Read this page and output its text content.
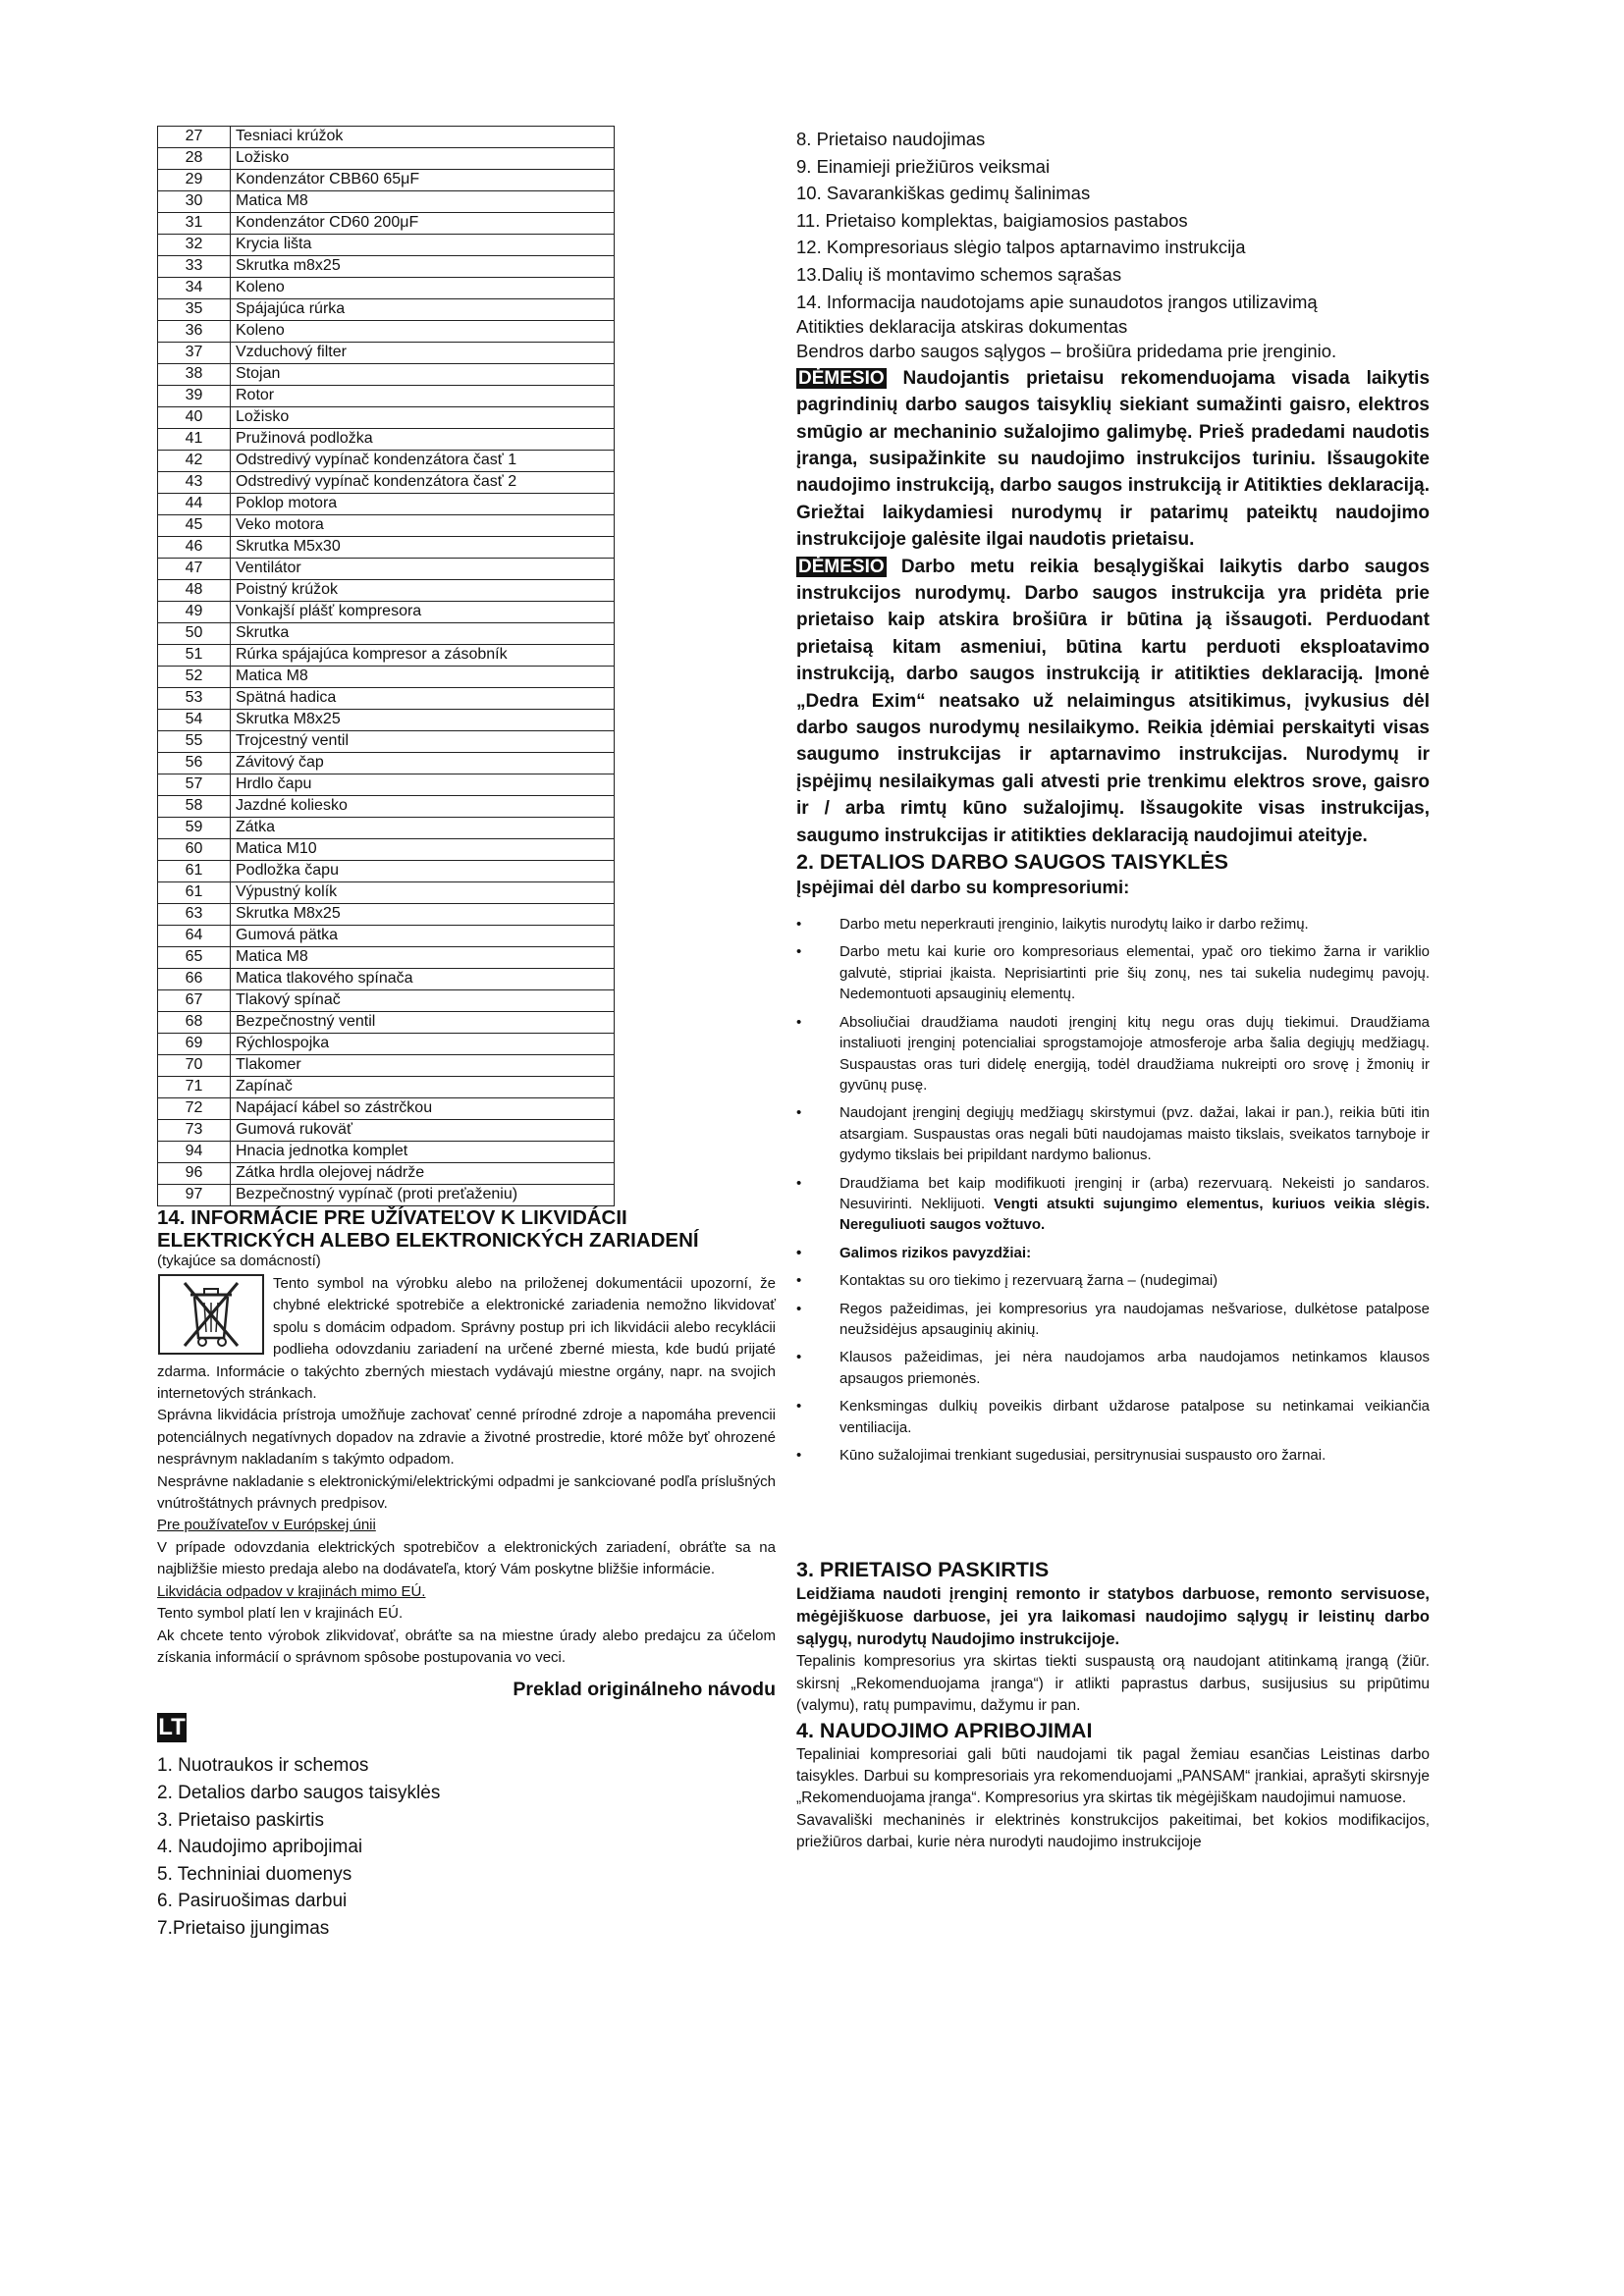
27	Tesniaci krúžok
28	Ložisko
29	Kondenzátor CBB60 65μF
30	Matica M8
31	Kondenzátor CD60 200μF
32	Krycia lišta
33	Skrutka m8x25
34	Koleno
35	Spájajúca rúrka
36	Koleno
37	Vzduchový filter
38	Stojan
39	Rotor
40	Ložisko
41	Pružinová podložka
42	Odstredivý vypínač kondenzátora časť 1
43	Odstredivý vypínač kondenzátora časť 2
44	Poklop motora
45	Veko motora
46	Skrutka M5x30
47	Ventilátor
48	Poistný krúžok
49	Vonkajší plášť kompresora
50	Skrutka
51	Rúrka spájajúca kompresor a zásobník
52	Matica M8
53	Spätná hadica
54	Skrutka M8x25
55	Trojcestný ventil
56	Závitový čap
57	Hrdlo čapu
58	Jazdné koliesko
59	Zátka
60	Matica M10
61	Podložka čapu
61	Výpustný kolík
63	Skrutka M8x25
64	Gumová pätka
65	Matica M8
66	Matica tlakového spínača
67	Tlakový spínač
68	Bezpečnostný ventil
69	Rýchlospojka
70	Tlakomer
71	Zapínač
72	Napájací kábel so zástrčkou
73	Gumová rukoväť
94	Hnacia jednotka komplet
96	Zátka hrdla olejovej nádrže
97	Bezpečnostný vypínač (proti preťaženiu)
14. INFORMÁCIE PRE UŽÍVATEĽOV K LIKVIDÁCII ELEKTRICKÝCH ALEBO ELEKTRONICKÝCH ZARIADENÍ

(tykajúce sa domácností)

Tento symbol na výrobku alebo na priloženej dokumentácii upozorní, že chybné elektrické spotrebiče a elektronické zariadenia nemožno likvidovať spolu s domácim odpadom. Správny postup pri ich likvidácii alebo recyklácii podlieha odovzdaniu zariadení na určené zberné miesta, kde budú prijaté zdarma. Informácie o takýchto zberných miestach vydávajú miestne orgány, napr. na svojich internetových stránkach.

Správna likvidácia prístroja umožňuje zachovať cenné prírodné zdroje a napomáha prevencii potenciálnych negatívnych dopadov na zdravie a životné prostredie, ktoré môže byť ohrozené nesprávnym nakladaním s takýmto odpadom.

Nesprávne nakladanie s elektronickými/elektrickými odpadmi je sankciované podľa príslušných vnútroštátnych právnych predpisov.

Pre používateľov v Európskej únii

V prípade odovzdania elektrických spotrebičov a elektronických zariadení, obráťte sa na najbližšie miesto predaja alebo na dodávateľa, ktorý Vám poskytne bližšie informácie.

Likvidácia odpadov v krajinách mimo EÚ.

Tento symbol platí len v krajinách EÚ.

Ak chcete tento výrobok zlikvidovať, obráťte sa na miestne úrady alebo predajcu za účelom získania informácií o správnom spôsobe postupovania vo veci.

Preklad originálneho návodu

LT
1. Nuotraukos ir schemos
2. Detalios darbo saugos taisyklės
3. Prietaiso paskirtis
4. Naudojimo apribojimai
5. Techniniai duomenys
6. Pasiruošimas darbui
7.Prietaiso įjungimas
8. Prietaiso naudojimas
9. Einamieji priežiūros veiksmai
10. Savarankiškas gedimų šalinimas
11. Prietaiso komplektas, baigiamosios pastabos
12. Kompresoriaus slėgio talpos aptarnavimo instrukcija
13.Dalių iš montavimo schemos sąrašas
14. Informacija naudotojams apie sunaudotos įrangos utilizavimą

Atitikties deklaracija atskiras dokumentas

Bendros darbo saugos sąlygos – brošiūra pridedama prie įrenginio.

DĖMESIO Naudojantis prietaisu rekomenduojama visada laikytis pagrindinių darbo saugos taisyklių siekiant sumažinti gaisro, elektros smūgio ar mechaninio sužalojimo galimybę. Prieš pradedami naudotis įranga, susipažinkite su naudojimo instrukcijos turiniu. Išsaugokite naudojimo instrukciją, darbo saugos instrukciją ir Atitikties deklaraciją. Griežtai laikydamiesi nurodymų ir patarimų pateiktų naudojimo instrukcijoje galėsite ilgai naudotis prietaisu.

DĖMESIO Darbo metu reikia besąlygiškai laikytis darbo saugos instrukcijos nurodymų. Darbo saugos instrukcija yra pridėta prie prietaiso kaip atskira brošiūra ir būtina ją išsaugoti. Perduodant prietaisą kitam asmeniui, būtina kartu perduoti eksploatavimo instrukciją, darbo saugos instrukciją ir atitikties deklaraciją. Įmonė „Dedra Exim“ neatsako už nelaimingus atsitikimus, įvykusius dėl darbo saugos nurodymų nesilaikymo. Reikia įdėmiai perskaityti visas saugumo instrukcijas ir aptarnavimo instrukcijas. Nurodymų ir įspėjimų nesilaikymas gali atvesti prie trenkimu elektros srove, gaisro ir / arba rimtų kūno sužalojimų. Išsaugokite visas instrukcijas, saugumo instrukcijas ir atitikties deklaraciją naudojimui ateityje.

2. DETALIOS DARBO SAUGOS TAISYKLĖS

Įspėjimai dėl darbo su kompresoriumi:

• Darbo metu neperkrauti įrenginio, laikytis nurodytų laiko ir darbo režimų.
• Darbo metu kai kurie oro kompresoriaus elementai, ypač oro tiekimo žarna ir variklio galvutė, stipriai įkaista. Neprisiartinti prie šių zonų, nes tai sukelia nudegimų pavojų. Nedemontuoti apsauginių elementų.
• Absoliučiai draudžiama naudoti įrenginį kitų negu oras dujų tiekimui. Draudžiama instaliuoti įrenginį potencialiai sprogstamojoje atmosferoje arba šalia degiųjų medžiagų. Suspaustas oras turi didelę energiją, todėl draudžiama nukreipti oro srovę į žmonių ir gyvūnų pusę.
• Naudojant įrenginį degiųjų medžiagų skirstymui (pvz. dažai, lakai ir pan.), reikia būti itin atsargiam. Suspaustas oras negali būti naudojamas maisto tikslais, sveikatos tarnyboje ir gydymo tikslais bei pripildant nardymo balionus.
• Draudžiama bet kaip modifikuoti įrenginį ir (arba) rezervuarą. Nekeisti jo sandaros. Nesuvirinti. Neklijuoti. Vengti atsukti sujungimo elementus, kuriuos veikia slėgis. Nereguliuoti saugos vožtuvo.
• Galimos rizikos pavyzdžiai:
• Kontaktas su oro tiekimo į rezervuarą žarna – (nudegimai)
• Regos pažeidimas, jei kompresorius yra naudojamas nešvariose, dulkėtose patalpose neužsidėjus apsauginių akinių.
• Klausos pažeidimas, jei nėra naudojamos arba naudojamos netinkamos klausos apsaugos priemonės.
• Kenksmingas dulkių poveikis dirbant uždarose patalpose su netinkamai veikiančia ventiliacija.
• Kūno sužalojimai trenkiant sugedusiai, persitrynusiai suspausto oro žarnai.
3. PRIETAISO PASKIRTIS

Leidžiama naudoti įrenginį remonto ir statybos darbuose, remonto servisuose, mėgėjiškuose darbuose, jei yra laikomasi naudojimo sąlygų ir leistinų darbo sąlygų, nurodytų Naudojimo instrukcijoje.

Tepalinis kompresorius yra skirtas tiekti suspaustą orą naudojant atitinkamą įrangą (žiūr. skirsnį „Rekomenduojama įranga“) ir atlikti paprastus darbus, susijusius su pripūtimu (valymu), ratų pumpavimu, dažymu ir pan.

4. NAUDOJIMO APRIBOJIMAI

Tepaliniai kompresoriai gali būti naudojami tik pagal žemiau esančias Leistinas darbo taisykles. Darbui su kompresoriais yra rekomenduojami „PANSAM“ įrankiai, aprašyti skirsnyje „Rekomenduojama įranga“. Kompresorius yra skirtas tik mėgėjiškam naudojimui namuose.

Savavališki mechaninės ir elektrinės konstrukcijos pakeitimai, bet kokios modifikacijos, priežiūros darbai, kurie nėra nurodyti naudojimo instrukcijoje
